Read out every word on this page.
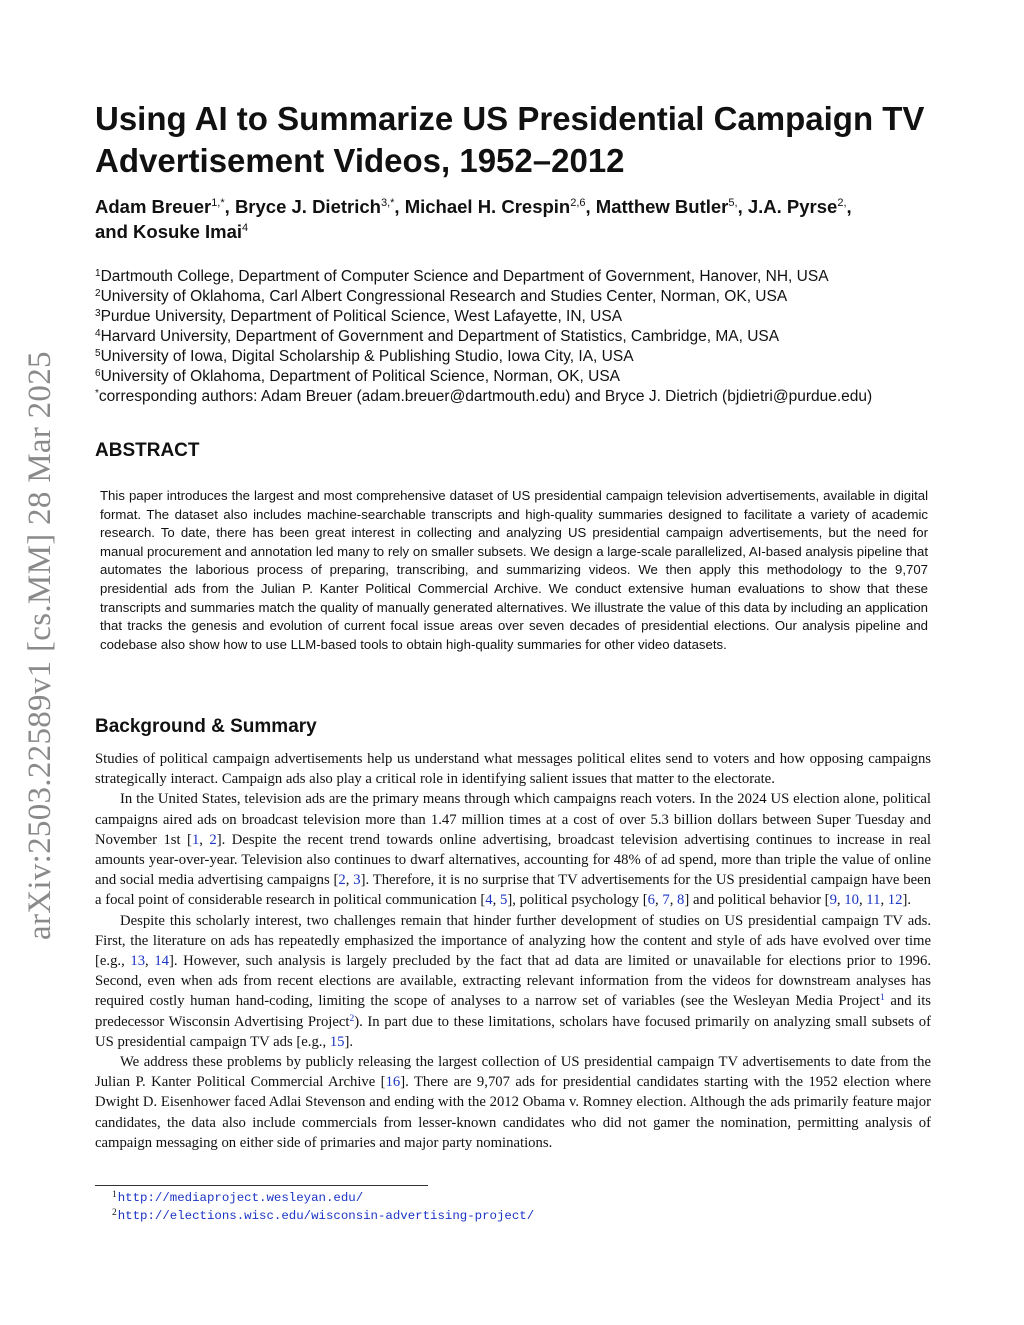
arXiv:2503.22589v1 [cs.MM] 28 Mar 2025
Using AI to Summarize US Presidential Campaign TV Advertisement Videos, 1952–2012
Adam Breuer$^{1,*}$, Bryce J. Dietrich$^{3,*}$, Michael H. Crespin$^{2,6}$, Matthew Butler$^{5,}$, J.A. Pyrse$^{2,}$,
and Kosuke Imai$^4$
$^1$Dartmouth College, Department of Computer Science and Department of Government, Hanover, NH, USA
$^2$University of Oklahoma, Carl Albert Congressional Research and Studies Center, Norman, OK, USA
$^3$Purdue University, Department of Political Science, West Lafayette, IN, USA
$^4$Harvard University, Department of Government and Department of Statistics, Cambridge, MA, USA
$^5$University of Iowa, Digital Scholarship & Publishing Studio, Iowa City, IA, USA
$^6$University of Oklahoma, Department of Political Science, Norman, OK, USA
*corresponding authors: Adam Breuer (adam.breuer@dartmouth.edu) and Bryce J. Dietrich (bjdietri@purdue.edu)
ABSTRACT

This paper introduces the largest and most comprehensive dataset of US presidential campaign television advertisements, available in digital format. The dataset also includes machine-searchable transcripts and high-quality summaries designed to facilitate a variety of academic research. To date, there has been great interest in collecting and analyzing US presidential campaign advertisements, but the need for manual procurement and annotation led many to rely on smaller subsets. We design a large-scale parallelized, AI-based analysis pipeline that automates the laborious process of preparing, transcribing, and summarizing videos. We then apply this methodology to the 9,707 presidential ads from the Julian P. Kanter Political Commercial Archive. We conduct extensive human evaluations to show that these transcripts and summaries match the quality of manually generated alternatives. We illustrate the value of this data by including an application that tracks the genesis and evolution of current focal issue areas over seven decades of presidential elections. Our analysis pipeline and codebase also show how to use LLM-based tools to obtain high-quality summaries for other video datasets.

Background & Summary

Studies of political campaign advertisements help us understand what messages political elites send to voters and how opposing campaigns strategically interact. Campaign ads also play a critical role in identifying salient issues that matter to the electorate.

In the United States, television ads are the primary means through which campaigns reach voters. In the 2024 US election alone, political campaigns aired ads on broadcast television more than 1.47 million times at a cost of over 5.3 billion dollars between Super Tuesday and November 1st [1, 2]. Despite the recent trend towards online advertising, broadcast television advertising continues to increase in real amounts year-over-year. Television also continues to dwarf alternatives, accounting for 48% of ad spend, more than triple the value of online and social media advertising campaigns [2, 3]. Therefore, it is no surprise that TV advertisements for the US presidential campaign have been a focal point of considerable research in political communication [4, 5], political psychology [6, 7, 8] and political behavior [9, 10, 11, 12].

Despite this scholarly interest, two challenges remain that hinder further development of studies on US presidential campaign TV ads. First, the literature on ads has repeatedly emphasized the importance of analyzing how the content and style of ads have evolved over time [e.g., 13, 14]. However, such analysis is largely precluded by the fact that ad data are limited or unavailable for elections prior to 1996. Second, even when ads from recent elections are available, extracting relevant information from the videos for downstream analyses has required costly human hand-coding, limiting the scope of analyses to a narrow set of variables (see the Wesleyan Media Project$^1$ and its predecessor Wisconsin Advertising Project$^2$). In part due to these limitations, scholars have focused primarily on analyzing small subsets of US presidential campaign TV ads [e.g., 15].

We address these problems by publicly releasing the largest collection of US presidential campaign TV advertisements to date from the Julian P. Kanter Political Commercial Archive [16]. There are 9,707 ads for presidential candidates starting with the 1952 election where Dwight D. Eisenhower faced Adlai Stevenson and ending with the 2012 Obama v. Romney election. Although the ads primarily feature major candidates, the data also include commercials from lesser-known candidates who did not gamer the nomination, permitting analysis of campaign messaging on either side of primaries and major party nominations.

$^1$http://mediaproject.wesleyan.edu/
$^2$http://elections.wisc.edu/wisconsin-advertising-project/
